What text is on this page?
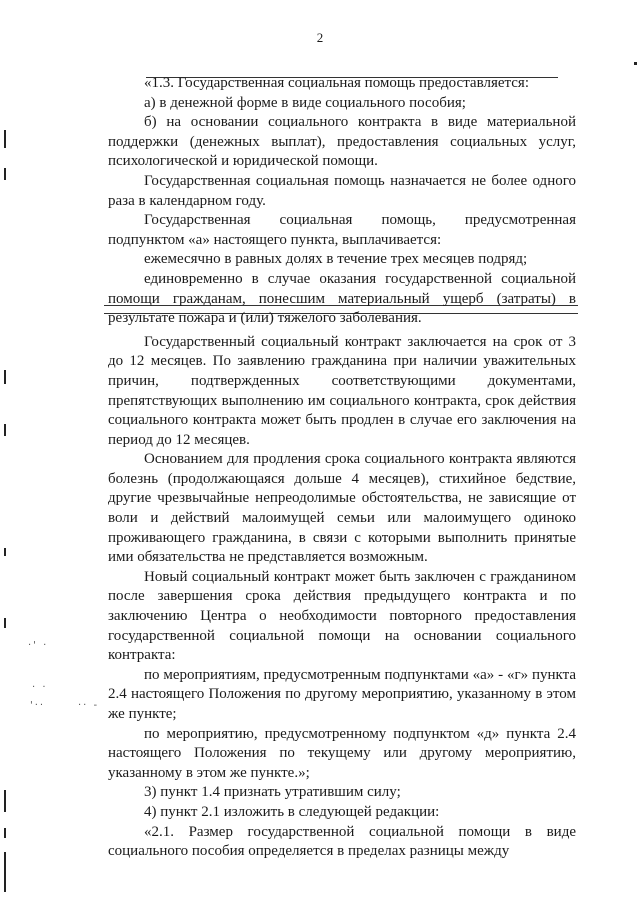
2
·' ·
· ·
'··	·· -

«1.3. Государственная социальная помощь предоставляется:

а) в денежной форме в виде социального пособия;

б) на основании социального контракта в виде материальной поддержки (денежных выплат), предоставления социальных услуг, психологической и юридической помощи.

Государственная социальная помощь назначается не более одного раза в календарном году.

Государственная социальная помощь, предусмотренная подпунктом «а» настоящего пункта, выплачивается:

ежемесячно в равных долях в течение трех месяцев подряд;

единовременно в случае оказания государственной социальной помощи гражданам, понесшим материальный ущерб (затраты) в результате пожара и (или) тяжелого заболевания.

Государственный социальный контракт заключается на срок от 3 до 12 месяцев. По заявлению гражданина при наличии уважительных причин, подтвержденных соответствующими документами, препятствующих выполнению им социального контракта, срок действия социального контракта может быть продлен в случае его заключения на период до 12 месяцев.

Основанием для продления срока социального контракта являются болезнь (продолжающаяся дольше 4 месяцев), стихийное бедствие, другие чрезвычайные непреодолимые обстоятельства, не зависящие от воли и действий малоимущей семьи или малоимущего одиноко проживающего гражданина, в связи с которыми выполнить принятые ими обязательства не представляется возможным.

Новый социальный контракт может быть заключен с гражданином после завершения срока действия предыдущего контракта и по заключению Центра о необходимости повторного предоставления государственной социальной помощи на основании социального контракта:

по мероприятиям, предусмотренным подпунктами «а» - «г» пункта 2.4 настоящего Положения по другому мероприятию, указанному в этом же пункте;

по мероприятию, предусмотренному подпунктом «д» пункта 2.4 настоящего Положения по текущему или другому мероприятию, указанному в этом же пункте.»;

3) пункт 1.4 признать утратившим силу;

4) пункт 2.1 изложить в следующей редакции:

«2.1. Размер государственной социальной помощи в виде социального пособия определяется в пределах разницы между
